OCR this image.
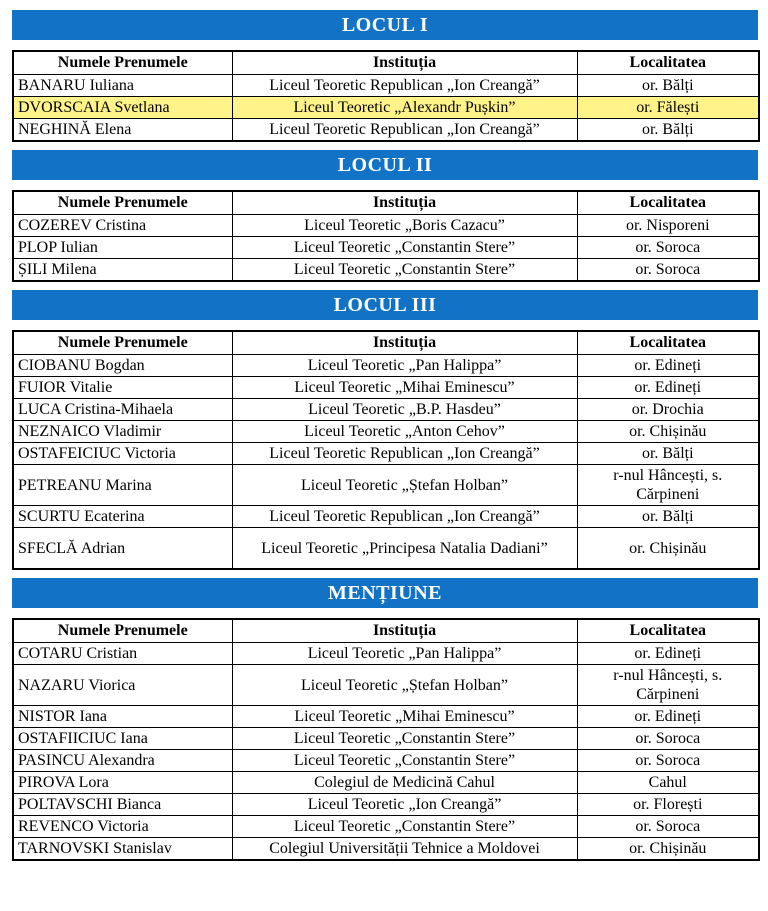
LOCUL I
Numele Prenumele	Instituția	Localitatea
BANARU Iuliana	Liceul Teoretic Republican „Ion Creangă”	or. Bălți
DVORSCAIA Svetlana	Liceul Teoretic „Alexandr Pușkin”	or. Fălești
NEGHINĂ Elena	Liceul Teoretic Republican „Ion Creangă”	or. Bălți
LOCUL II
Numele Prenumele	Instituția	Localitatea
COZEREV Cristina	Liceul Teoretic „Boris Cazacu”	or. Nisporeni
PLOP Iulian	Liceul Teoretic „Constantin Stere”	or. Soroca
ȘILI Milena	Liceul Teoretic „Constantin Stere”	or. Soroca
LOCUL III
Numele Prenumele	Instituția	Localitatea
CIOBANU Bogdan	Liceul Teoretic „Pan Halippa”	or. Edineți
FUIOR Vitalie	Liceul Teoretic „Mihai Eminescu”	or. Edineți
LUCA Cristina-Mihaela	Liceul Teoretic „B.P. Hasdeu”	or. Drochia
NEZNAICO Vladimir	Liceul Teoretic „Anton Cehov”	or. Chișinău
OSTAFEICIUC Victoria	Liceul Teoretic Republican „Ion Creangă”	or. Bălți
PETREANU Marina	Liceul Teoretic „Ștefan Holban”	r-nul Hâncești, s. Cărpineni
SCURTU Ecaterina	Liceul Teoretic Republican „Ion Creangă”	or. Bălți
SFECLĂ Adrian	Liceul Teoretic „Principesa Natalia Dadiani”	or. Chișinău
MENȚIUNE
Numele Prenumele	Instituția	Localitatea
COTARU Cristian	Liceul Teoretic „Pan Halippa”	or. Edineți
NAZARU Viorica	Liceul Teoretic „Ștefan Holban”	r-nul Hâncești, s. Cărpineni
NISTOR Iana	Liceul Teoretic „Mihai Eminescu”	or. Edineți
OSTAFIICIUC Iana	Liceul Teoretic „Constantin Stere”	or. Soroca
PASINCU Alexandra	Liceul Teoretic „Constantin Stere”	or. Soroca
PIROVA Lora	Colegiul de Medicină Cahul	Cahul
POLTAVSCHI Bianca	Liceul Teoretic „Ion Creangă”	or. Florești
REVENCO Victoria	Liceul Teoretic „Constantin Stere”	or. Soroca
TARNOVSKI Stanislav	Colegiul Universității Tehnice a Moldovei	or. Chișinău
